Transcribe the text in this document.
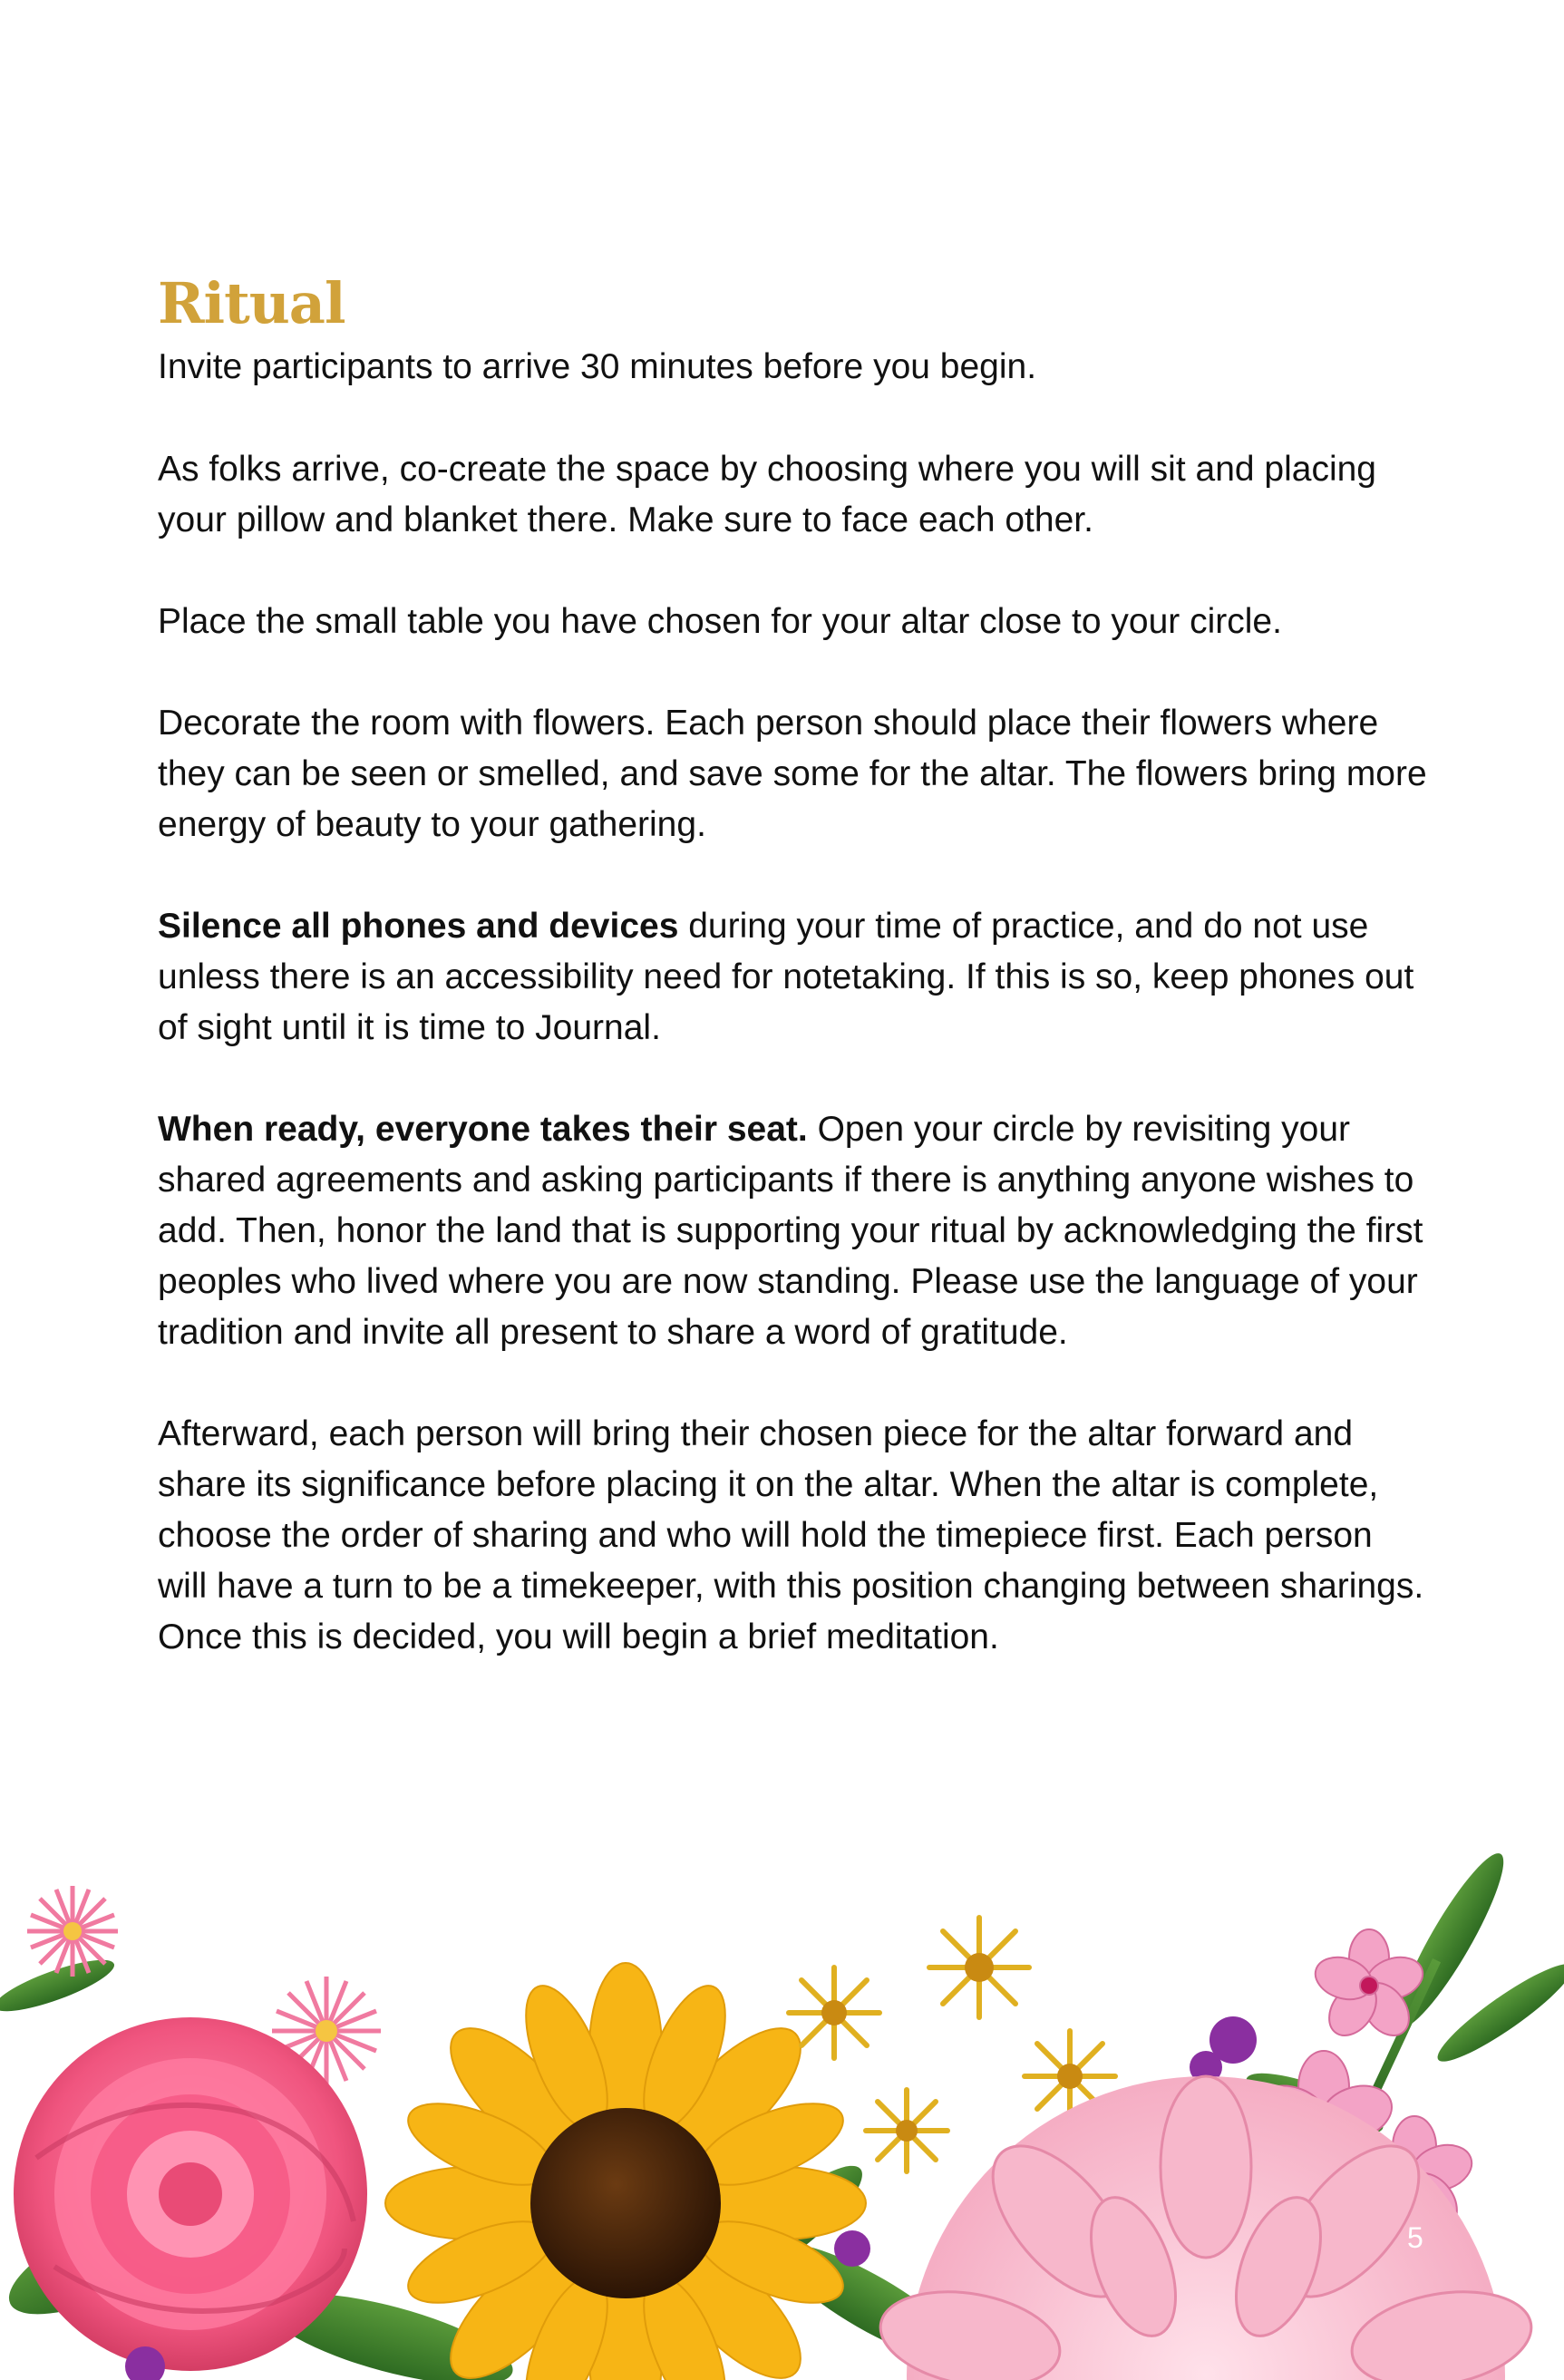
Ritual

Invite participants to arrive 30 minutes before you begin.

As folks arrive, co-create the space by choosing where you will sit and placing your pillow and blanket there. Make sure to face each other.

Place the small table you have chosen for your altar close to your circle.

Decorate the room with flowers. Each person should place their flowers where they can be seen or smelled, and save some for the altar. The flowers bring more energy of beauty to your gathering.

Silence all phones and devices during your time of practice, and do not use unless there is an accessibility need for notetaking. If this is so, keep phones out of sight until it is time to Journal.

When ready, everyone takes their seat. Open your circle by revisiting your shared agreements and asking participants if there is anything anyone wishes to add. Then, honor the land that is supporting your ritual by acknowledging the first peoples who lived where you are now standing. Please use the language of your tradition and invite all present to share a word of gratitude.

Afterward, each person will bring their chosen piece for the altar forward and share its significance before placing it on the altar. When the altar is complete, choose the order of sharing and who will hold the timepiece first. Each person will have a turn to be a timekeeper, with this position changing between sharings. Once this is decided, you will begin a brief meditation.

5
